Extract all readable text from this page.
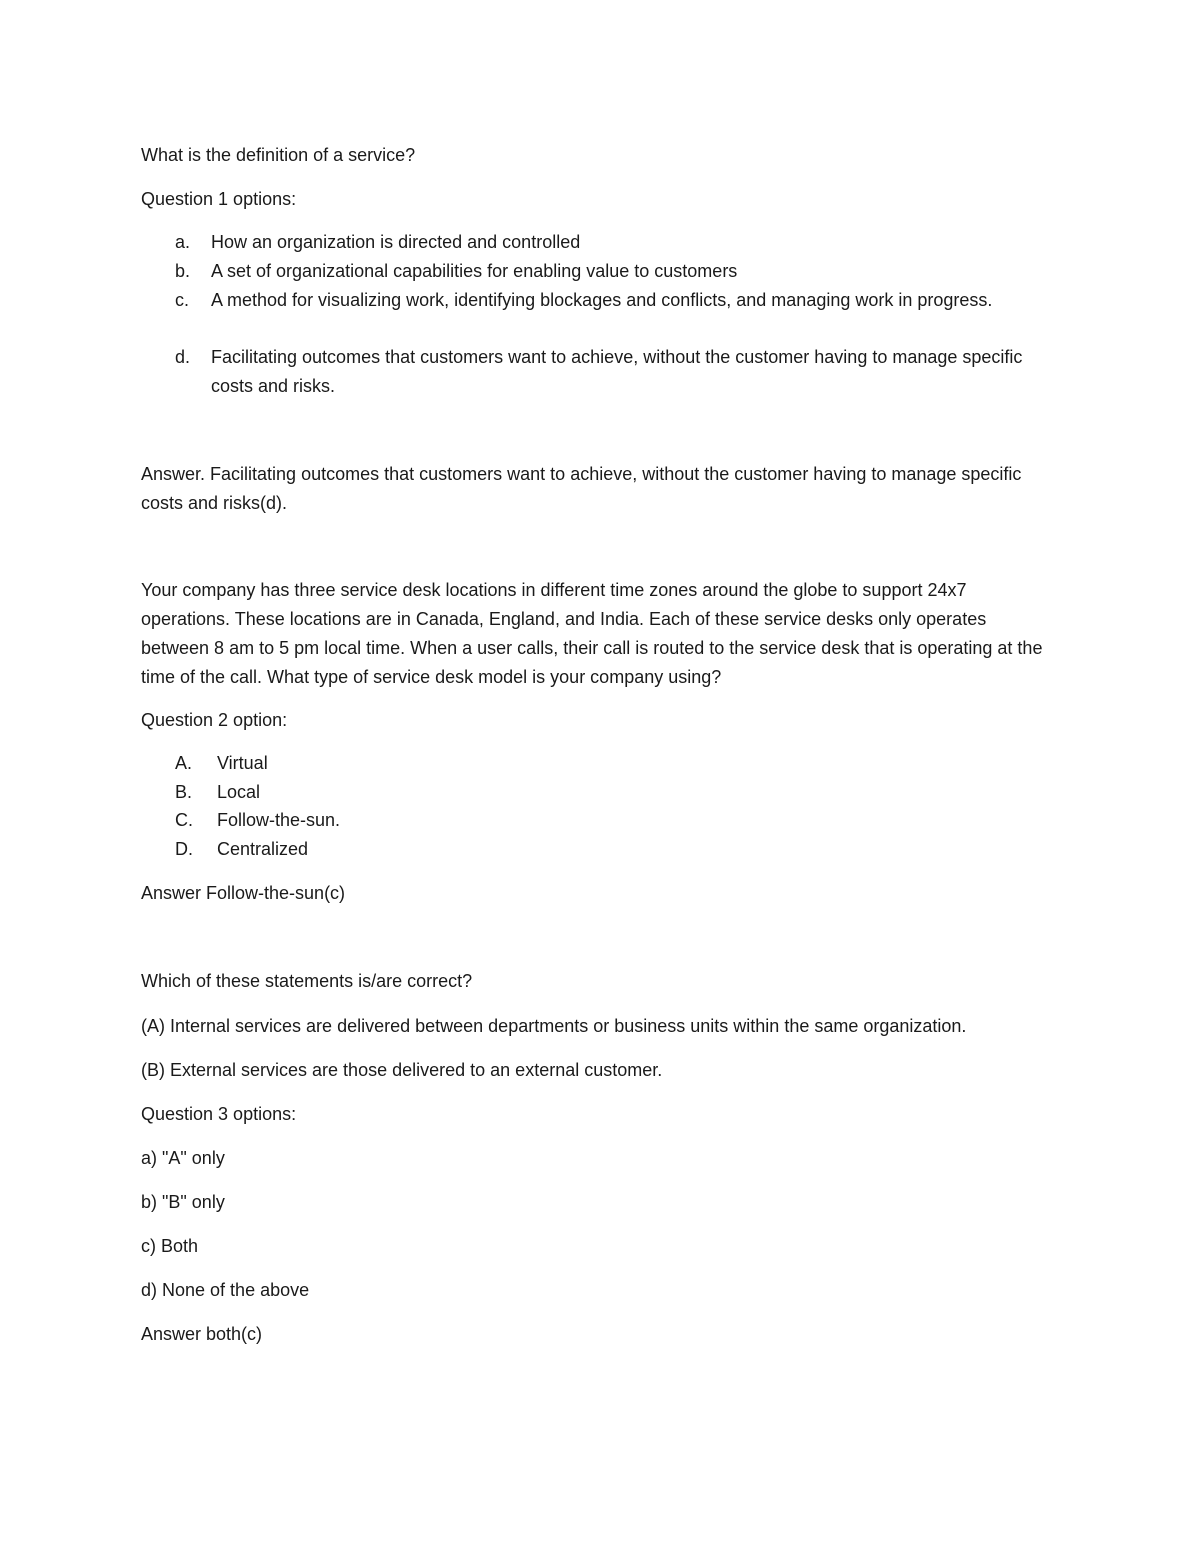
What is the definition of a service?
Question 1 options:
a. How an organization is directed and controlled
b. A set of organizational capabilities for enabling value to customers
c. A method for visualizing work, identifying blockages and conflicts, and managing work in progress.
d. Facilitating outcomes that customers want to achieve, without the customer having to manage specific costs and risks.
Answer. Facilitating outcomes that customers want to achieve, without the customer having to manage specific costs and risks(d).
Your company has three service desk locations in different time zones around the globe to support 24x7 operations. These locations are in Canada, England, and India. Each of these service desks only operates between 8 am to 5 pm local time. When a user calls, their call is routed to the service desk that is operating at the time of the call. What type of service desk model is your company using?
Question 2 option:
A. Virtual
B. Local
C. Follow-the-sun.
D. Centralized
Answer Follow-the-sun(c)
Which of these statements is/are correct?
(A) Internal services are delivered between departments or business units within the same organization.
(B) External services are those delivered to an external customer.
Question 3 options:
a) "A" only
b) "B" only
c) Both
d) None of the above
Answer both(c)
